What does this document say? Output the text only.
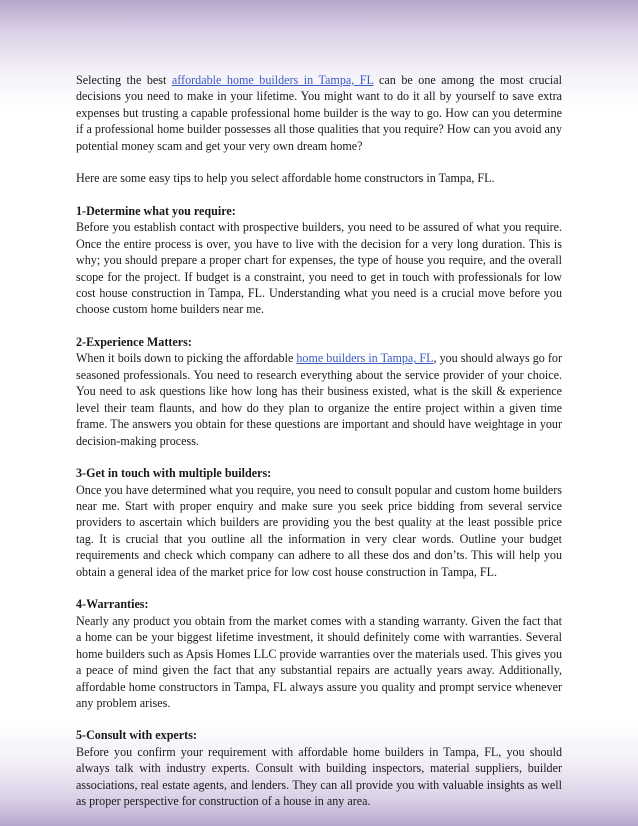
Selecting the best affordable home builders in Tampa, FL can be one among the most crucial decisions you need to make in your lifetime. You might want to do it all by yourself to save extra expenses but trusting a capable professional home builder is the way to go. How can you determine if a professional home builder possesses all those qualities that you require? How can you avoid any potential money scam and get your very own dream home?

Here are some easy tips to help you select affordable home constructors in Tampa, FL.

1-Determine what you require:

Before you establish contact with prospective builders, you need to be assured of what you require. Once the entire process is over, you have to live with the decision for a very long duration. This is why; you should prepare a proper chart for expenses, the type of house you require, and the overall scope for the project. If budget is a constraint, you need to get in touch with professionals for low cost house construction in Tampa, FL. Understanding what you need is a crucial move before you choose custom home builders near me.

2-Experience Matters:

When it boils down to picking the affordable home builders in Tampa, FL, you should always go for seasoned professionals. You need to research everything about the service provider of your choice. You need to ask questions like how long has their business existed, what is the skill & experience level their team flaunts, and how do they plan to organize the entire project within a given time frame. The answers you obtain for these questions are important and should have weightage in your decision-making process.

3-Get in touch with multiple builders:

Once you have determined what you require, you need to consult popular and custom home builders near me. Start with proper enquiry and make sure you seek price bidding from several service providers to ascertain which builders are providing you the best quality at the least possible price tag. It is crucial that you outline all the information in very clear words. Outline your budget requirements and check which company can adhere to all these dos and don’ts. This will help you obtain a general idea of the market price for low cost house construction in Tampa, FL.

4-Warranties:

Nearly any product you obtain from the market comes with a standing warranty. Given the fact that a home can be your biggest lifetime investment, it should definitely come with warranties. Several home builders such as Apsis Homes LLC provide warranties over the materials used. This gives you a peace of mind given the fact that any substantial repairs are actually years away. Additionally, affordable home constructors in Tampa, FL always assure you quality and prompt service whenever any problem arises.

5-Consult with experts:

Before you confirm your requirement with affordable home builders in Tampa, FL, you should always talk with industry experts. Consult with building inspectors, material suppliers, builder associations, real estate agents, and lenders. They can all provide you with valuable insights as well as proper perspective for construction of a house in any area.
